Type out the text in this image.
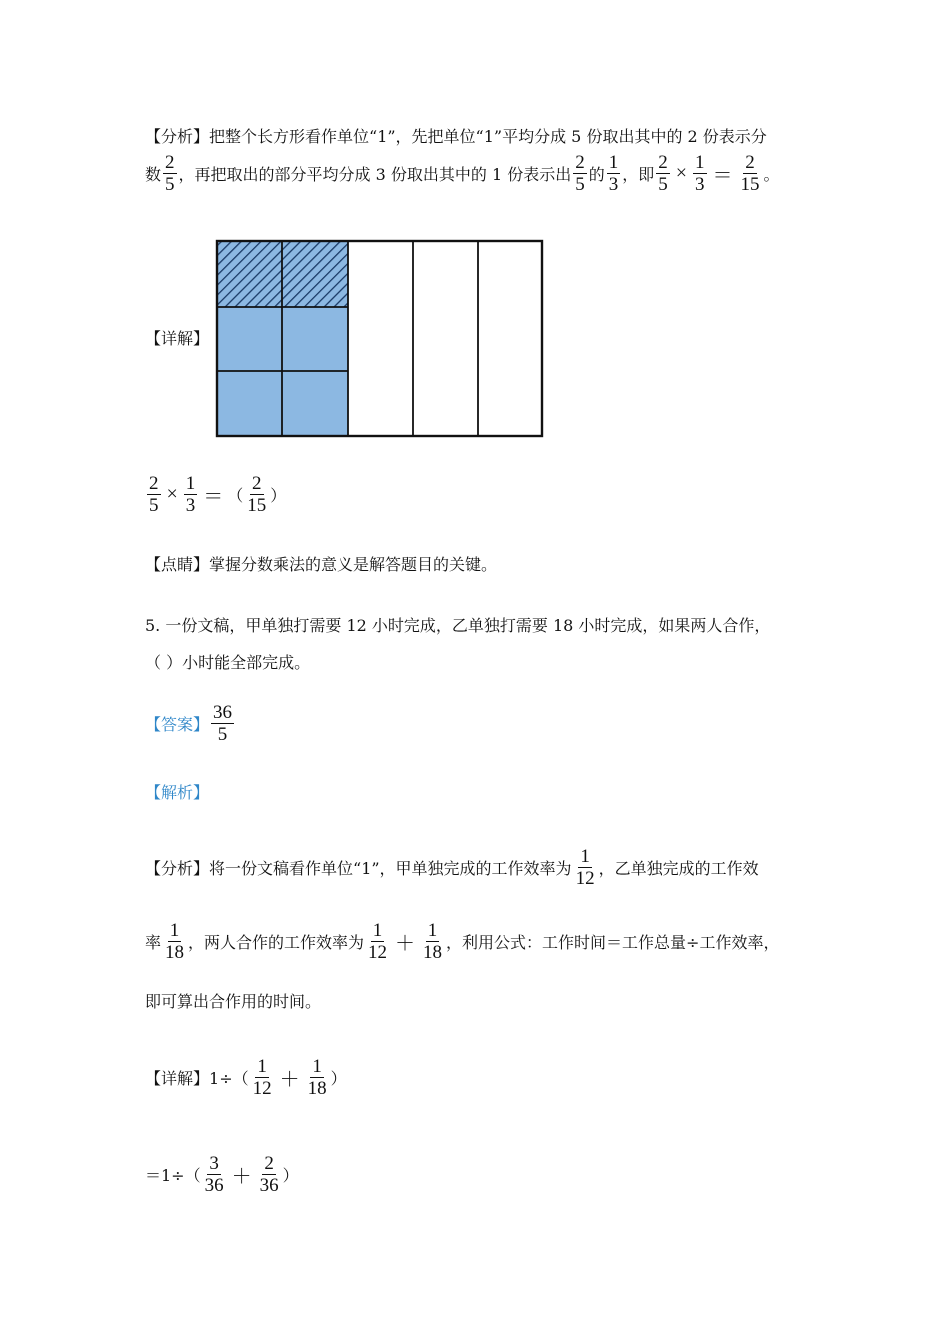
【分析】 把整个长方形看作单位“1”，先把单位“1”平均分成 5 份取出其中的 2 份表示分
数 $\frac{2}{5}$ ，再把取出的部分平均分成 3 份取出其中的 1 份表示出 $\frac{2}{5}$ 的 $\frac{1}{3}$ ，即 $\frac{2}{5} \times \frac{1}{3} = \frac{2}{15}$ 。
【详解】
$\frac{2}{5} \times \frac{1}{3}$ ＝ （ $\frac{2}{15}$ ）
【点睛】 掌握分数乘法的意义是解答题目的关键。
5. 一份文稿，甲单独打需要 12 小时完成，乙单独打需要 18 小时完成，如果两人合作，
（ ）小时能全部完成。
【答案】 $\frac{36}{5}$
【解析】
【分析】 将一份文稿看作单位“1”，甲单独完成的工作效率为 $\frac{1}{12}$ ，乙单独完成的工作效
率 $\frac{1}{18}$ ，两人合作的工作效率为 $\frac{1}{12} + \frac{1}{18}$ ，利用公式：工作时间＝工作总量÷工作效率，
即可算出合作用的时间。
【详解】 $1\div( \frac{1}{12} + \frac{1}{18}$ ）
$=1\div( \frac{3}{36} + \frac{2}{36}$ ）
